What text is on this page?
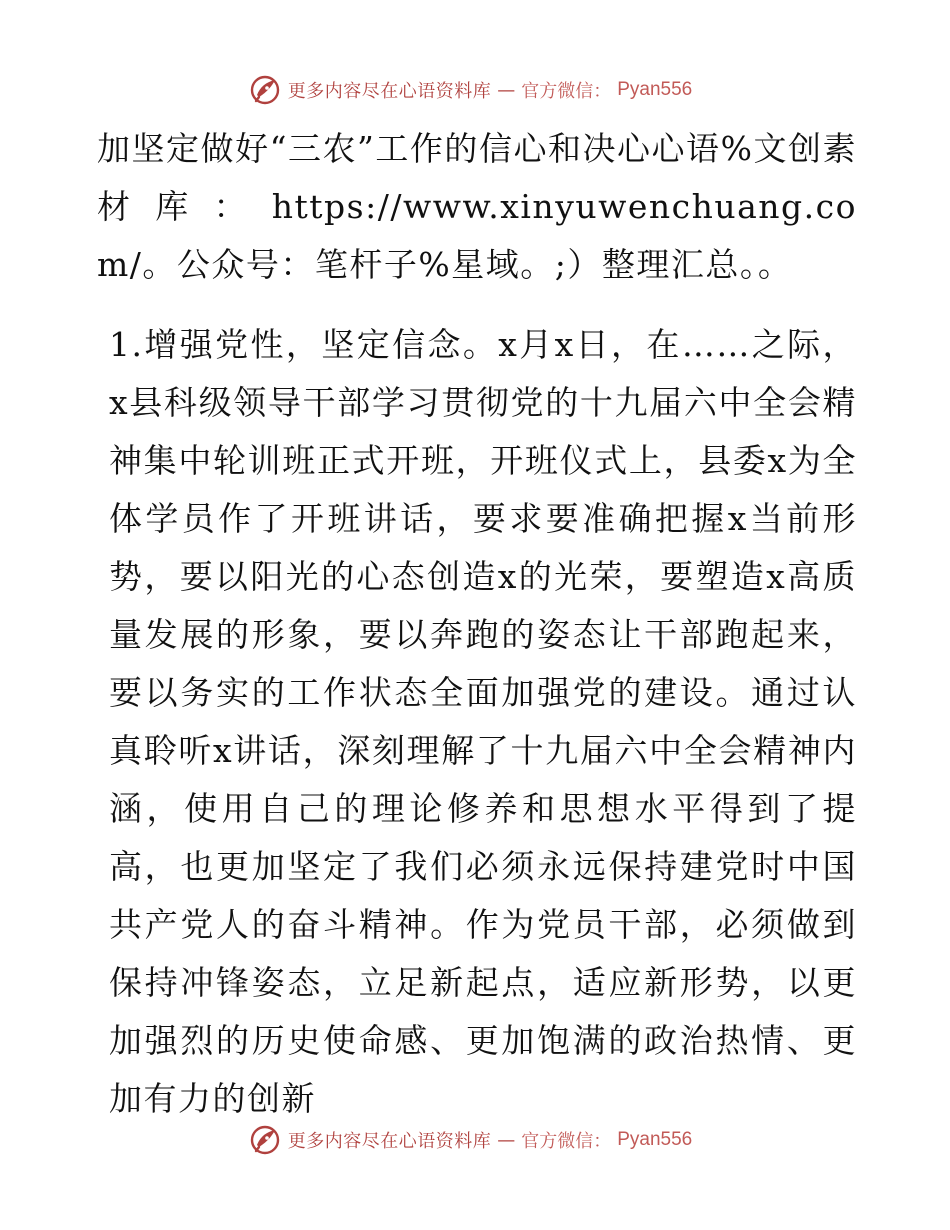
更多内容尽在心语资料库 — 官方微信： Pyan556

加坚定做好“三农”工作的信心和决心心语%文创素材库：https://www.xinyuwenchuang.com/。公众号：笔杆子%星域。;）整理汇总。。

1.增强党性，坚定信念。x月x日，在……之际，x县科级领导干部学习贯彻党的十九届六中全会精神集中轮训班正式开班，开班仪式上，县委x为全体学员作了开班讲话，要求要准确把握x当前形势，要以阳光的心态创造x的光荣，要塑造x高质量发展的形象，要以奔跑的姿态让干部跑起来，要以务实的工作状态全面加强党的建设。通过认真聆听x讲话，深刻理解了十九届六中全会精神内涵，使用自己的理论修养和思想水平得到了提高，也更加坚定了我们必须永远保持建党时中国共产党人的奋斗精神。作为党员干部，必须做到保持冲锋姿态，立足新起点，适应新形势，以更加强烈的历史使命感、更加饱满的政治热情、更加有力的创新

更多内容尽在心语资料库 — 官方微信： Pyan556
